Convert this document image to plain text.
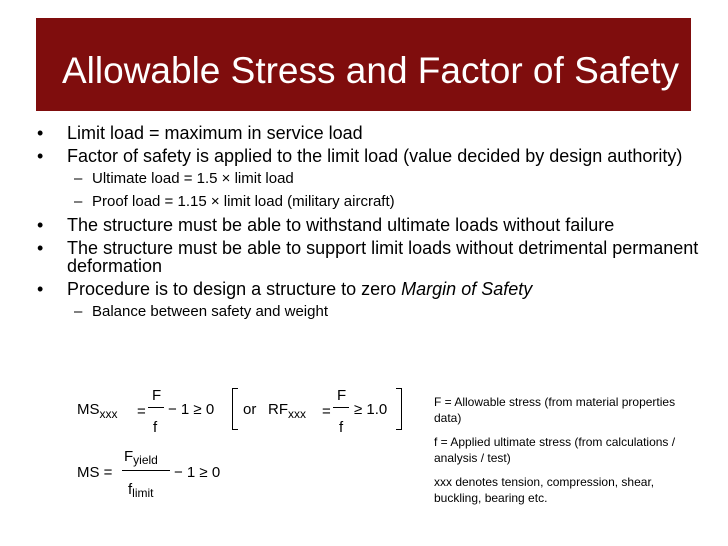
Allowable Stress and Factor of Safety
• Limit load = maximum in service load
• Factor of safety is applied to the limit load (value decided by design authority)
– Ultimate load = 1.5 × limit load
– Proof load = 1.15 × limit load (military aircraft)
• The structure must be able to withstand ultimate loads without failure
• The structure must be able to support limit loads without detrimental permanent deformation
• Procedure is to design a structure to zero Margin of Safety
– Balance between safety and weight
$MS_{xxx}$ =
F
f
− 1 ≥ 0 or $RF_{xxx}$ =
F
f
≥ 1.0
MS =
$F_{yield}$
$f_{limit}$
− 1 ≥ 0
F = Allowable stress (from material properties data)
f = Applied ultimate stress (from calculations / analysis / test)
xxx denotes tension, compression, shear, buckling, bearing etc.
